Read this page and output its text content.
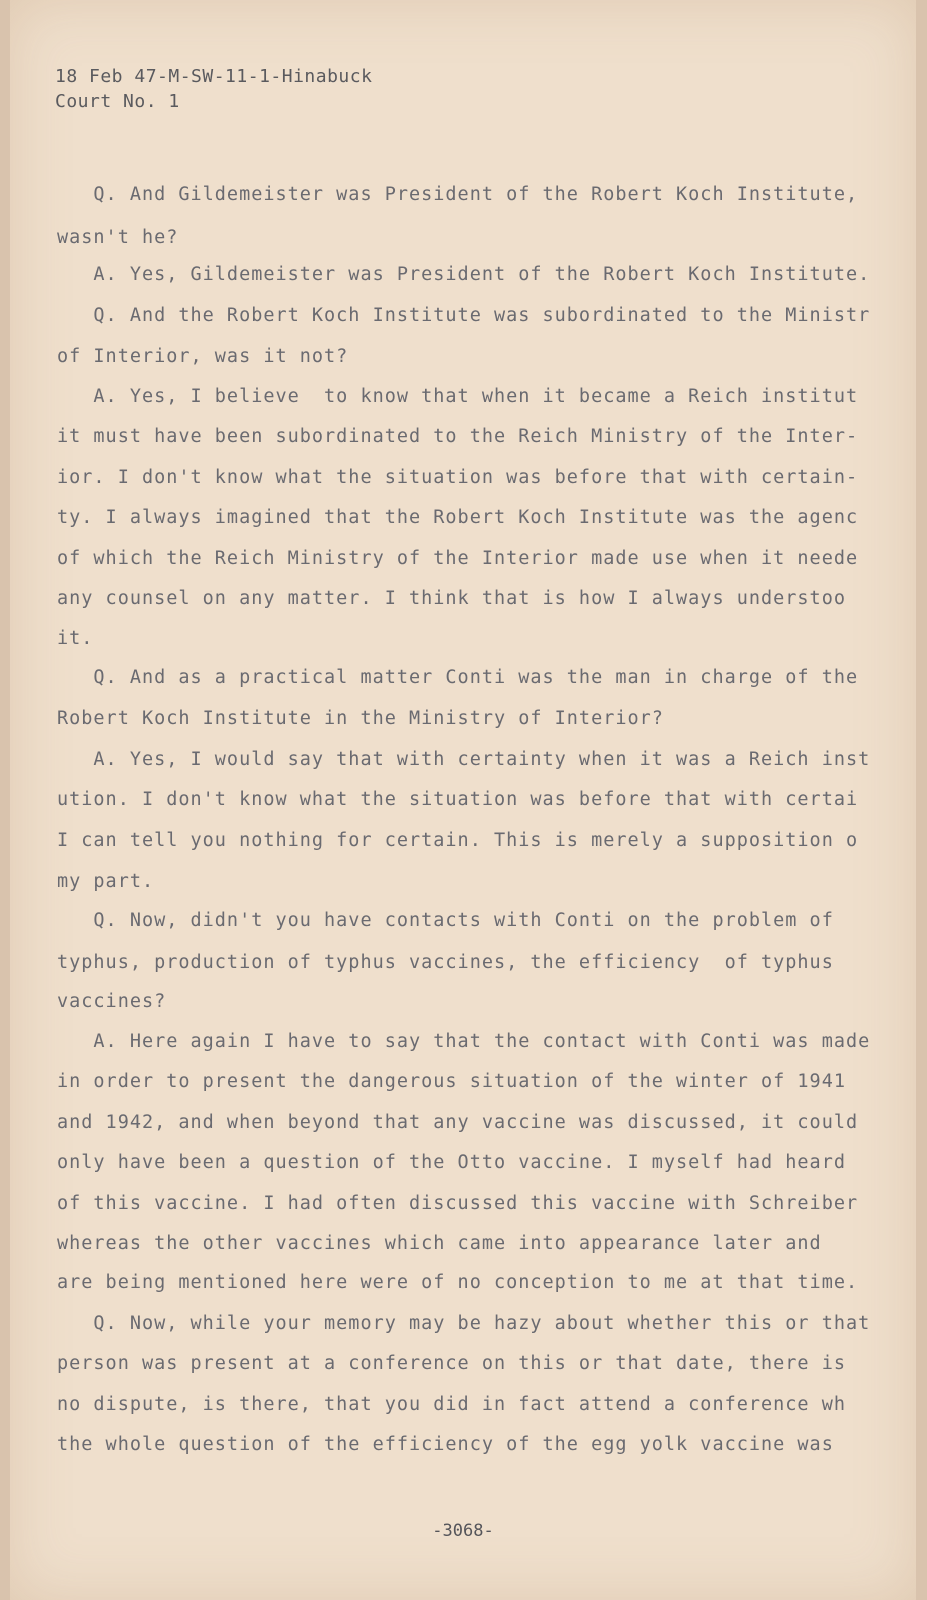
18 Feb 47-M-SW-11-1-Hinabuck
Court No. 1
Q. And Gildemeister was President of the Robert Koch Institute,
wasn't he?
A. Yes, Gildemeister was President of the Robert Koch Institute.
Q. And the Robert Koch Institute was subordinated to the Ministr
of Interior, was it not?
A. Yes, I believe  to know that when it became a Reich institut
it must have been subordinated to the Reich Ministry of the Inter-
ior. I don't know what the situation was before that with certain-
ty. I always imagined that the Robert Koch Institute was the agenc
of which the Reich Ministry of the Interior made use when it neede
any counsel on any matter. I think that is how I always understoo
it.
Q. And as a practical matter Conti was the man in charge of the
Robert Koch Institute in the Ministry of Interior?
A. Yes, I would say that with certainty when it was a Reich inst
ution. I don't know what the situation was before that with certai
I can tell you nothing for certain. This is merely a supposition o
my part.
Q. Now, didn't you have contacts with Conti on the problem of
typhus, production of typhus vaccines, the efficiency  of typhus
vaccines?
A. Here again I have to say that the contact with Conti was made
in order to present the dangerous situation of the winter of 1941
and 1942, and when beyond that any vaccine was discussed, it could
only have been a question of the Otto vaccine. I myself had heard
of this vaccine. I had often discussed this vaccine with Schreiber
whereas the other vaccines which came into appearance later and
are being mentioned here were of no conception to me at that time.
Q. Now, while your memory may be hazy about whether this or that
person was present at a conference on this or that date, there is
no dispute, is there, that you did in fact attend a conference wh
the whole question of the efficiency of the egg yolk vaccine was
-3068-
